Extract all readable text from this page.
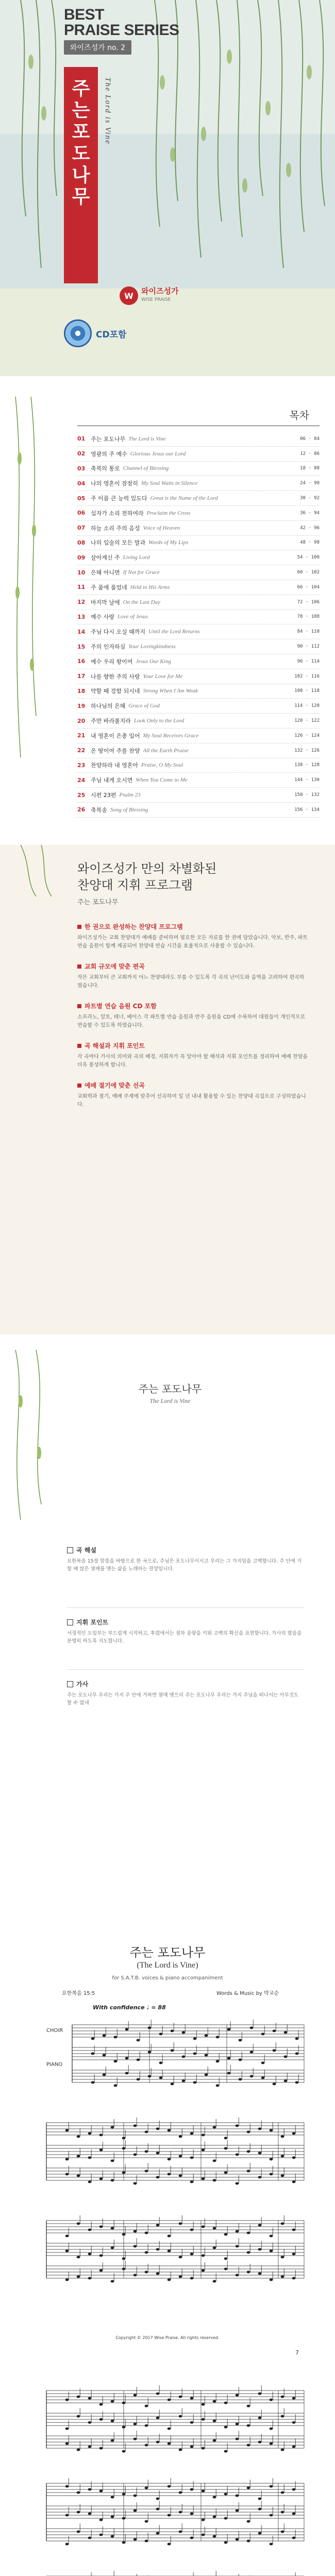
BEST
PRAISE SERIES
와이즈성가 no. 2
주
는
포
도
나
무
The Lord is Vine
W	와이즈성가
WISE PRAISE
CD포함
목차
01 주는 포도나무 The Lord is Vine	06 · 84
02 영광의 주 예수 Glorious Jesus our Lord	12 · 86
03 축복의 통로 Channel of Blessing	18 · 88
04 나의 영혼이 잠잠히 My Soul Waits in Silence	24 · 90
05 주 이름 큰 능력 있도다 Great is the Name of the Lord	30 · 92
06 십자가 소리 전하여라 Proclaim the Cross	36 · 94
07 하늘 소리 주의 음성 Voice of Heaven	42 · 96
08 나의 입술의 모든 말과 Words of My Lips	48 · 98
09 살아계신 주 Living Lord	54 · 100
10 은혜 아니면 If Not for Grace	60 · 102
11 주 품에 품었네 Held in His Arms	66 · 104
12 마지막 날에 On the Last Day	72 · 106
13 예수 사랑 Love of Jesus	78 · 108
14 주님 다시 오실 때까지 Until the Lord Returns	84 · 110
15 주의 인자하심 Your Lovingkindness	90 · 112
16 예수 우리 왕이여 Jesus Our King	96 · 114
17 나를 향한 주의 사랑 Your Love for Me	102 · 116
18 약할 때 강함 되시네 Strong When I Am Weak	108 · 118
19 하나님의 은혜 Grace of God	114 · 120
20 주만 바라볼지라 Look Only to the Lord	120 · 122
21 내 영혼이 은총 입어 My Soul Receives Grace	126 · 124
22 온 땅이여 주를 찬양 All the Earth Praise	132 · 126
23 찬양하라 내 영혼아 Praise, O My Soul	138 · 128
24 주님 내게 오시면 When You Come to Me	144 · 130
25 시편 23편 Psalm 23	150 · 132
26 축복송 Song of Blessing	156 · 134
와이즈성가 만의 차별화된
찬양대 지휘 프로그램
주는 포도나무
한 권으로 완성하는 찬양대 프로그램

와이즈성가는 교회 찬양대가 예배를 준비하며 필요한 모든 자료를 한 권에 담았습니다. 악보, 반주, 파트 연습 음원이 함께 제공되어 찬양대 연습 시간을 효율적으로 사용할 수 있습니다.

교회 규모에 맞춘 편곡

작은 교회부터 큰 교회까지 어느 찬양대라도 부를 수 있도록 각 곡의 난이도와 음역을 고려하여 편곡하였습니다.

파트별 연습 음원 CD 포함

소프라노, 알토, 테너, 베이스 각 파트별 연습 음원과 반주 음원을 CD에 수록하여 대원들이 개인적으로 연습할 수 있도록 하였습니다.

곡 해설과 지휘 포인트

각 곡마다 가사의 의미와 곡의 배경, 지휘자가 꼭 알아야 할 해석과 지휘 포인트를 정리하여 예배 찬양을 더욱 풍성하게 합니다.

예배 절기에 맞춘 선곡

교회력과 절기, 예배 주제에 맞추어 선곡하여 일 년 내내 활용할 수 있는 찬양대 곡집으로 구성하였습니다.

주는 포도나무
The Lord is Vine
곡 해설

요한복음 15장 말씀을 바탕으로 한 곡으로, 주님은 포도나무이시고 우리는 그 가지임을 고백합니다. 주 안에 거할 때 많은 열매를 맺는 삶을 노래하는 찬양입니다.

지휘 포인트

서정적인 도입부는 부드럽게 시작하고, 후렴에서는 점차 음량을 키워 고백의 확신을 표현합니다. 가사의 발음을 분명히 하도록 지도합니다.

가사

주는 포도나무 우리는 가지 주 안에 거하면 열매 맺으리 주는 포도나무 우리는 가지 주님을 떠나서는 아무것도 할 수 없네

주는 포도나무
(The Lord is Vine)
for S.A.T.B. voices & piano accompaniment
요한복음 15:5	Words & Music by 박교순
With confidence ♩ = 88
CHOIR
PIANO
Copyright © 2017 Wise Praise. All rights reserved.
7
